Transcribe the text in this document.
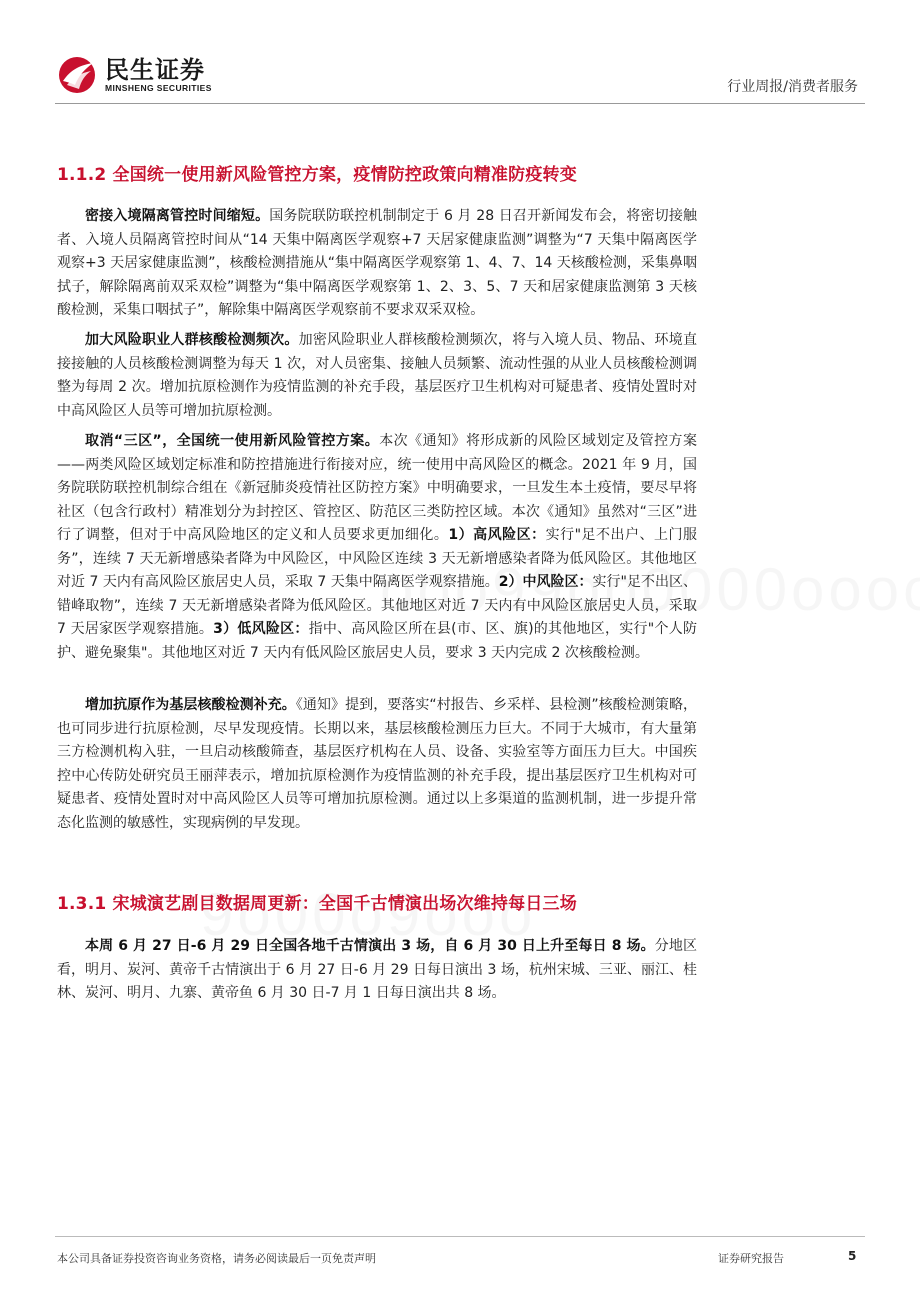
民生证券
MINSHENG SECURITIES	行业周报/消费者服务
1.1.2 全国统一使用新风险管控方案，疫情防控政策向精准防疫转变
密接入境隔离管控时间缩短。国务院联防联控机制制定于 6 月 28 日召开新闻发布会，将密切接触者、入境人员隔离管控时间从“14 天集中隔离医学观察+7 天居家健康监测”调整为“7 天集中隔离医学观察+3 天居家健康监测”，核酸检测措施从“集中隔离医学观察第 1、4、7、14 天核酸检测，采集鼻咽拭子，解除隔离前双采双检”调整为“集中隔离医学观察第 1、2、3、5、7 天和居家健康监测第 3 天核酸检测，采集口咽拭子”，解除集中隔离医学观察前不要求双采双检。
加大风险职业人群核酸检测频次。加密风险职业人群核酸检测频次，将与入境人员、物品、环境直接接触的人员核酸检测调整为每天 1 次，对人员密集、接触人员频繁、流动性强的从业人员核酸检测调整为每周 2 次。增加抗原检测作为疫情监测的补充手段，基层医疗卫生机构对可疑患者、疫情处置时对中高风险区人员等可增加抗原检测。
取消“三区”，全国统一使用新风险管控方案。本次《通知》将形成新的风险区域划定及管控方案——两类风险区域划定标准和防控措施进行衔接对应，统一使用中高风险区的概念。2021 年 9 月，国务院联防联控机制综合组在《新冠肺炎疫情社区防控方案》中明确要求，一旦发生本土疫情，要尽早将社区（包含行政村）精准划分为封控区、管控区、防范区三类防控区域。本次《通知》虽然对“三区”进行了调整，但对于中高风险地区的定义和人员要求更加细化。1）高风险区：实行"足不出户、上门服务”，连续 7 天无新增感染者降为中风险区，中风险区连续 3 天无新增感染者降为低风险区。其他地区对近 7 天内有高风险区旅居史人员，采取 7 天集中隔离医学观察措施。2）中风险区：实行"足不出区、错峰取物”，连续 7 天无新增感染者降为低风险区。其他地区对近 7 天内有中风险区旅居史人员，采取 7 天居家医学观察措施。3）低风险区：指中、高风险区所在县(市、区、旗)的其他地区，实行"个人防护、避免聚集"。其他地区对近 7 天内有低风险区旅居史人员，要求 3 天内完成 2 次核酸检测。
增加抗原作为基层核酸检测补充。《通知》提到，要落实“村报告、乡采样、县检测”核酸检测策略，也可同步进行抗原检测，尽早发现疫情。长期以来，基层核酸检测压力巨大。不同于大城市，有大量第三方检测机构入驻，一旦启动核酸筛查，基层医疗机构在人员、设备、实验室等方面压力巨大。中国疾控中心传防处研究员王丽萍表示，增加抗原检测作为疫情监测的补充手段，提出基层医疗卫生机构对可疑患者、疫情处置时对中高风险区人员等可增加抗原检测。通过以上多渠道的监测机制，进一步提升常态化监测的敏感性，实现病例的早发现。
1.3.1 宋城演艺剧目数据周更新：全国千古情演出场次维持每日三场
本周 6 月 27 日-6 月 29 日全国各地千古情演出 3 场，自 6 月 30 日上升至每日 8 场。分地区看，明月、炭河、黄帝千古情演出于 6 月 27 日-6 月 29 日每日演出 3 场，杭州宋城、三亚、丽江、桂林、炭河、明月、九寨、黄帝鱼 6 月 30 日-7 月 1 日每日演出共 8 场。
本公司具备证券投资咨询业务资格，请务必阅读最后一页免责声明	证券研究报告	5
